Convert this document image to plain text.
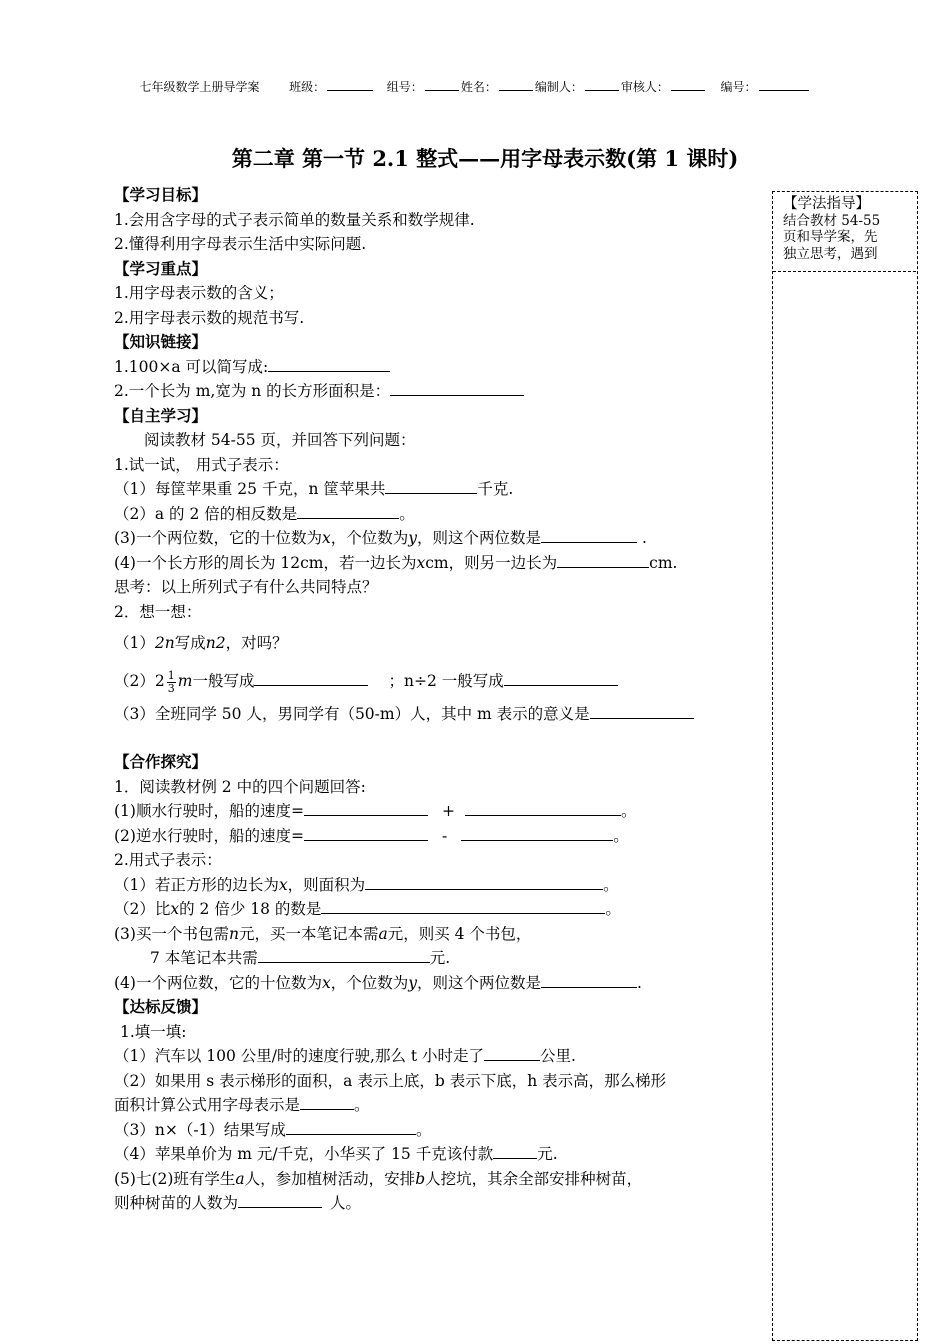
七年级数学上册导学案 班级：	组号：	姓名：	编制人：	审核人：	编号：
第二章 第一节 2.1 整式——用字母表示数(第 1 课时)
【学法指导】
结合教材 54-55
页和导学案，先
独立思考，遇到
【学习目标】
1.会用含字母的式子表示简单的数量关系和数学规律.
2.懂得利用字母表示生活中实际问题.
【学习重点】
1.用字母表示数的含义；
2.用字母表示数的规范书写.
【知识链接】
1.100×a 可以简写成:
2.一个长为 m,宽为 n 的长方形面积是：
【自主学习】
阅读教材 54-55 页，并回答下列问题：
1.试一试， 用式子表示：
（1）每筐苹果重 25 千克，n 筐苹果共	千克.
（2）a 的 2 倍的相反数是	。
(3)一个两位数，它的十位数为x，个位数为y，则这个两位数是	.
(4)一个长方形的周长为 12cm，若一边长为xcm，则另一边长为	cm.
思考：以上所列式子有什么共同特点？
2．想一想：
（1）2n写成n2，对吗？
$(2)2 \frac{1}{3}$ m一般写成	；n÷2 一般写成
（3）全班同学 50 人，男同学有（50-m）人，其中 m 表示的意义是
【合作探究】
1．阅读教材例 2 中的四个问题回答:
(1)顺水行驶时，船的速度=	+	。
(2)逆水行驶时，船的速度=	-	。
2.用式子表示：
（1）若正方形的边长为x，则面积为	。
（2）比x的 2 倍少 18 的数是	。
(3)买一个书包需n元，买一本笔记本需a元，则买 4 个书包，
7 本笔记本共需	元.
(4)一个两位数，它的十位数为x，个位数为y，则这个两位数是	.
【达标反馈】
1.填一填:
（1）汽车以 100 公里/时的速度行驶,那么 t 小时走了	公里.
（2）如果用 s 表示梯形的面积，a 表示上底，b 表示下底，h 表示高，那么梯形
面积计算公式用字母表示是	。
（3）n×（-1）结果写成	。
（4）苹果单价为 m 元/千克，小华买了 15 千克该付款	元.
(5)七(2)班有学生a人，参加植树活动，安排b人挖坑，其余全部安排种树苗，
则种树苗的人数为	人。
